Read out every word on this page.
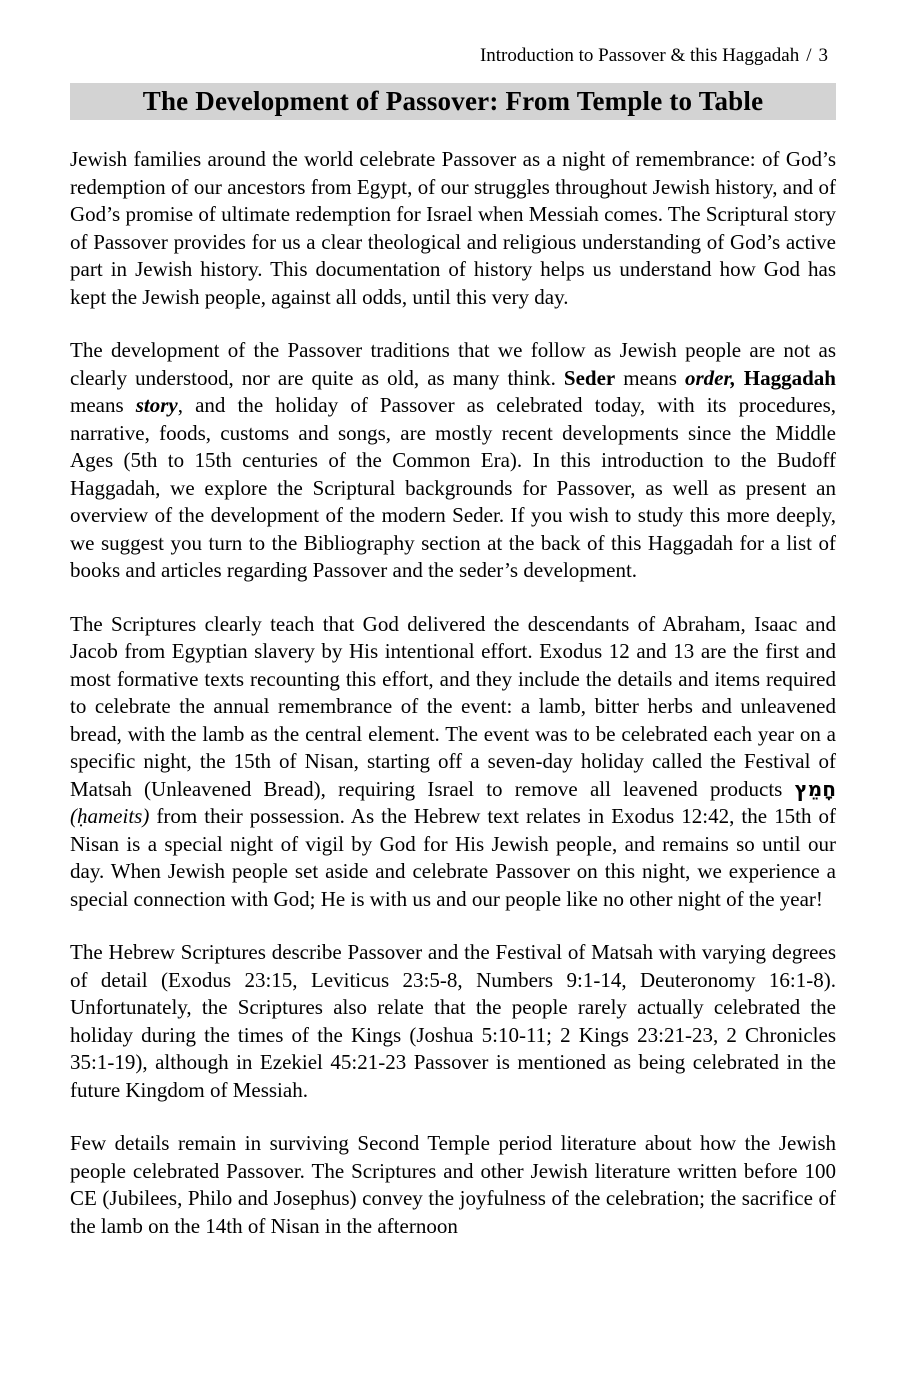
Introduction to Passover & this Haggadah / 3
The Development of Passover: From Temple to Table

Jewish families around the world celebrate Passover as a night of remembrance: of God’s redemption of our ancestors from Egypt, of our struggles throughout Jewish history, and of God’s promise of ultimate redemption for Israel when Messiah comes. The Scriptural story of Passover provides for us a clear theological and religious understanding of God’s active part in Jewish history. This documentation of history helps us understand how God has kept the Jewish people, against all odds, until this very day.

The development of the Passover traditions that we follow as Jewish people are not as clearly understood, nor are quite as old, as many think. Seder means order, Haggadah means story, and the holiday of Passover as celebrated today, with its procedures, narrative, foods, customs and songs, are mostly recent developments since the Middle Ages (5th to 15th centuries of the Common Era). In this introduction to the Budoff Haggadah, we explore the Scriptural backgrounds for Passover, as well as present an overview of the development of the modern Seder. If you wish to study this more deeply, we suggest you turn to the Bibliography section at the back of this Haggadah for a list of books and articles regarding Passover and the seder’s development.

The Scriptures clearly teach that God delivered the descendants of Abraham, Isaac and Jacob from Egyptian slavery by His intentional effort. Exodus 12 and 13 are the first and most formative texts recounting this effort, and they include the details and items required to celebrate the annual remembrance of the event: a lamb, bitter herbs and unleavened bread, with the lamb as the central element. The event was to be celebrated each year on a specific night, the 15th of Nisan, starting off a seven-day holiday called the Festival of Matsah (Unleavened Bread), requiring Israel to remove all leavened products חָמֵץ (ḥameits) from their possession. As the Hebrew text relates in Exodus 12:42, the 15th of Nisan is a special night of vigil by God for His Jewish people, and remains so until our day. When Jewish people set aside and celebrate Passover on this night, we experience a special connection with God; He is with us and our people like no other night of the year!

The Hebrew Scriptures describe Passover and the Festival of Matsah with varying degrees of detail (Exodus 23:15, Leviticus 23:5-8, Numbers 9:1-14, Deuteronomy 16:1-8). Unfortunately, the Scriptures also relate that the people rarely actually celebrated the holiday during the times of the Kings (Joshua 5:10-11; 2 Kings 23:21-23, 2 Chronicles 35:1-19), although in Ezekiel 45:21-23 Passover is mentioned as being celebrated in the future Kingdom of Messiah.

Few details remain in surviving Second Temple period literature about how the Jewish people celebrated Passover. The Scriptures and other Jewish literature written before 100 CE (Jubilees, Philo and Josephus) convey the joyfulness of the celebration; the sacrifice of the lamb on the 14th of Nisan in the afternoon
